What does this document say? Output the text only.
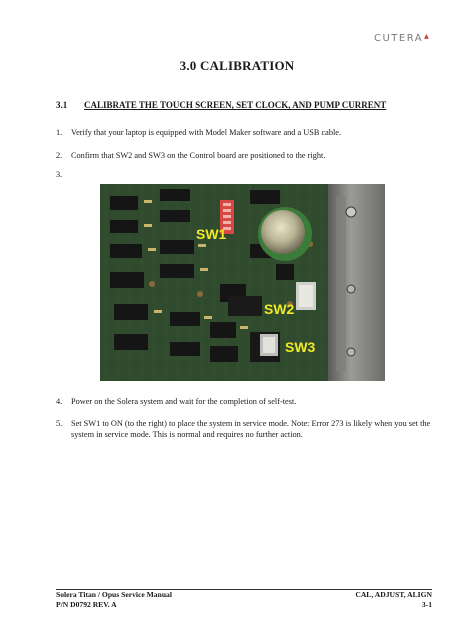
CUTERA▲
3.0 CALIBRATION
3.1 CALIBRATE THE TOUCH SCREEN, SET CLOCK, AND PUMP CURRENT
1.	Verify that your laptop is equipped with Model Maker software and a USB cable.
2.	Confirm that SW2 and SW3 on the Control board are positioned to the right.
3.
SW1
SW2
SW3
4.	Power on the Solera system and wait for the completion of self-test.
5.	Set SW1 to ON (to the right) to place the system in service mode. Note: Error 273 is likely when you set the system in service mode. This is normal and requires no further action.
Solera Titan / Opus Service Manual
P/N D0792 REV. A
CAL, ADJUST, ALIGN
3-1
